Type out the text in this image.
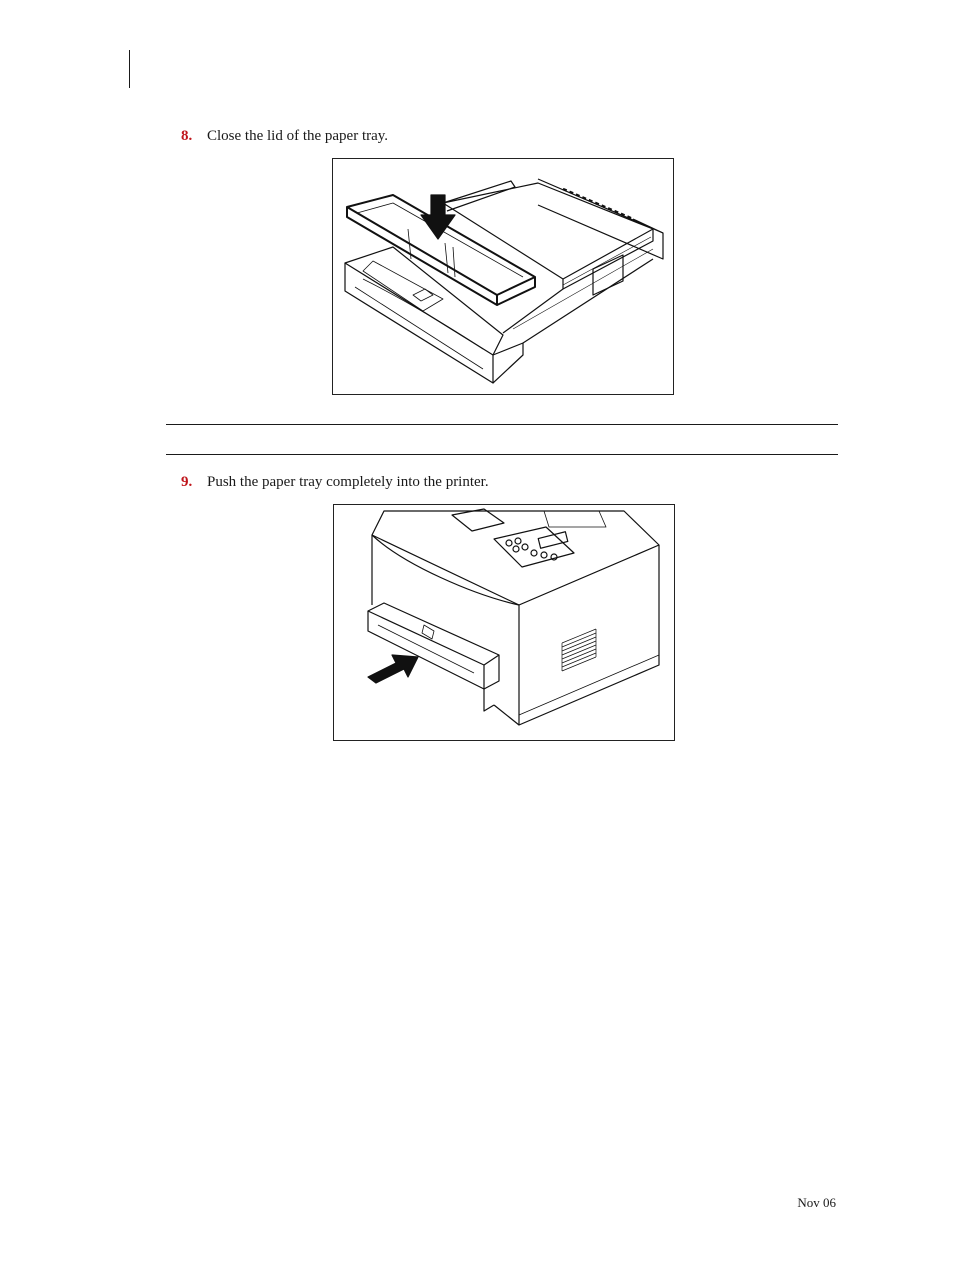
8. Close the lid of the paper tray.
9. Push the paper tray completely into the printer.
Nov 06
